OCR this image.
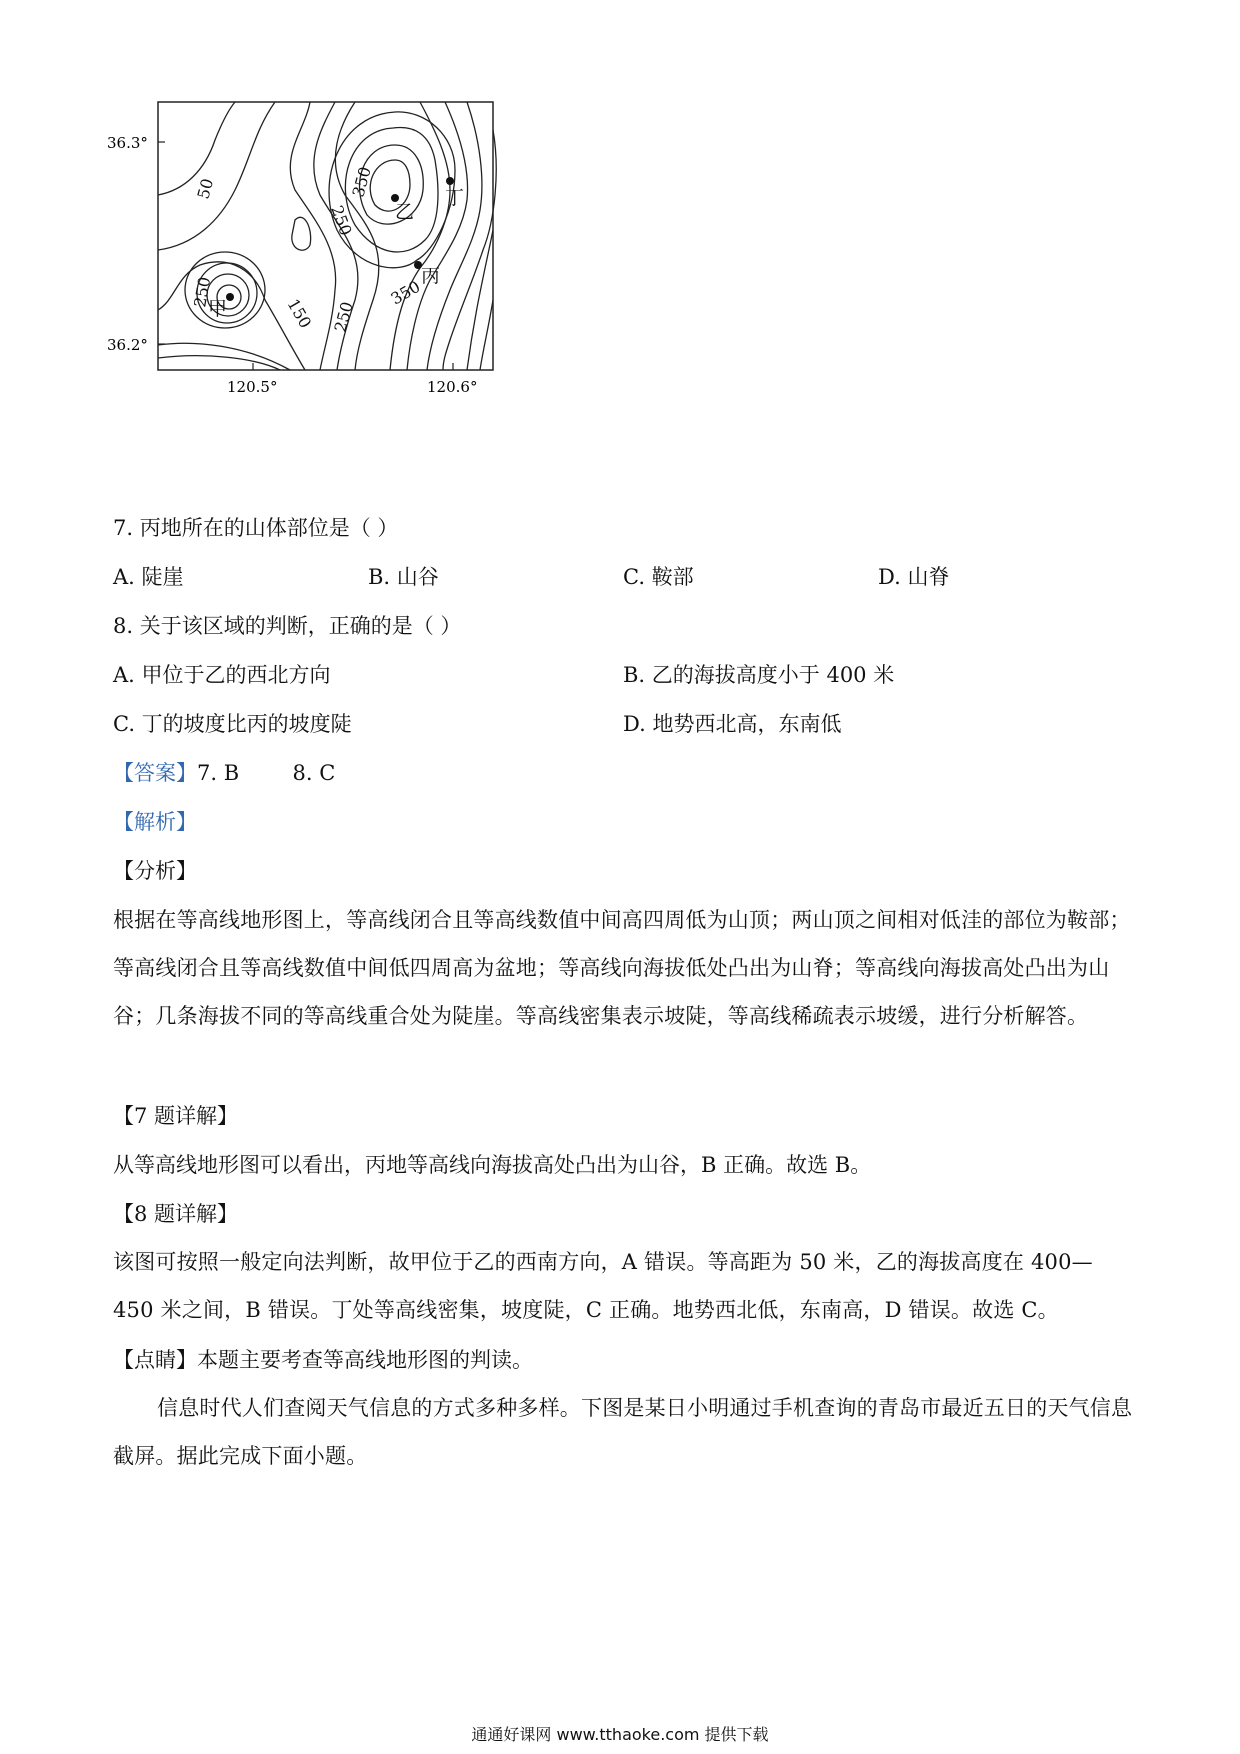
36.3°
36.2°
120.5°	120.6°
50	350
250
250
150 250
350
甲
乙
丙
丁
7. 丙地所在的山体部位是（ ）
A. 陡崖	B. 山谷	C. 鞍部	D. 山脊
8. 关于该区域的判断，正确的是（ ）
A. 甲位于乙的西北方向	B. 乙的海拔高度小于 400 米
C. 丁的坡度比丙的坡度陡	D. 地势西北高，东南低
【答案】7. B        8. C
【解析】
【分析】
根据在等高线地形图上，等高线闭合且等高线数值中间高四周低为山顶；两山顶之间相对低洼的部位为鞍部；等高线闭合且等高线数值中间低四周高为盆地；等高线向海拔低处凸出为山脊；等高线向海拔高处凸出为山谷；几条海拔不同的等高线重合处为陡崖。等高线密集表示坡陡，等高线稀疏表示坡缓，进行分析解答。
【7 题详解】
从等高线地形图可以看出，丙地等高线向海拔高处凸出为山谷，B 正确。故选 B。
【8 题详解】
该图可按照一般定向法判断，故甲位于乙的西南方向，A 错误。等高距为 50 米，乙的海拔高度在 400—450 米之间，B 错误。丁处等高线密集，坡度陡，C 正确。地势西北低，东南高，D 错误。故选 C。
【点睛】本题主要考查等高线地形图的判读。
信息时代人们查阅天气信息的方式多种多样。下图是某日小明通过手机查询的青岛市最近五日的天气信息截屏。据此完成下面小题。
通通好课网 www.tthaoke.com 提供下载
